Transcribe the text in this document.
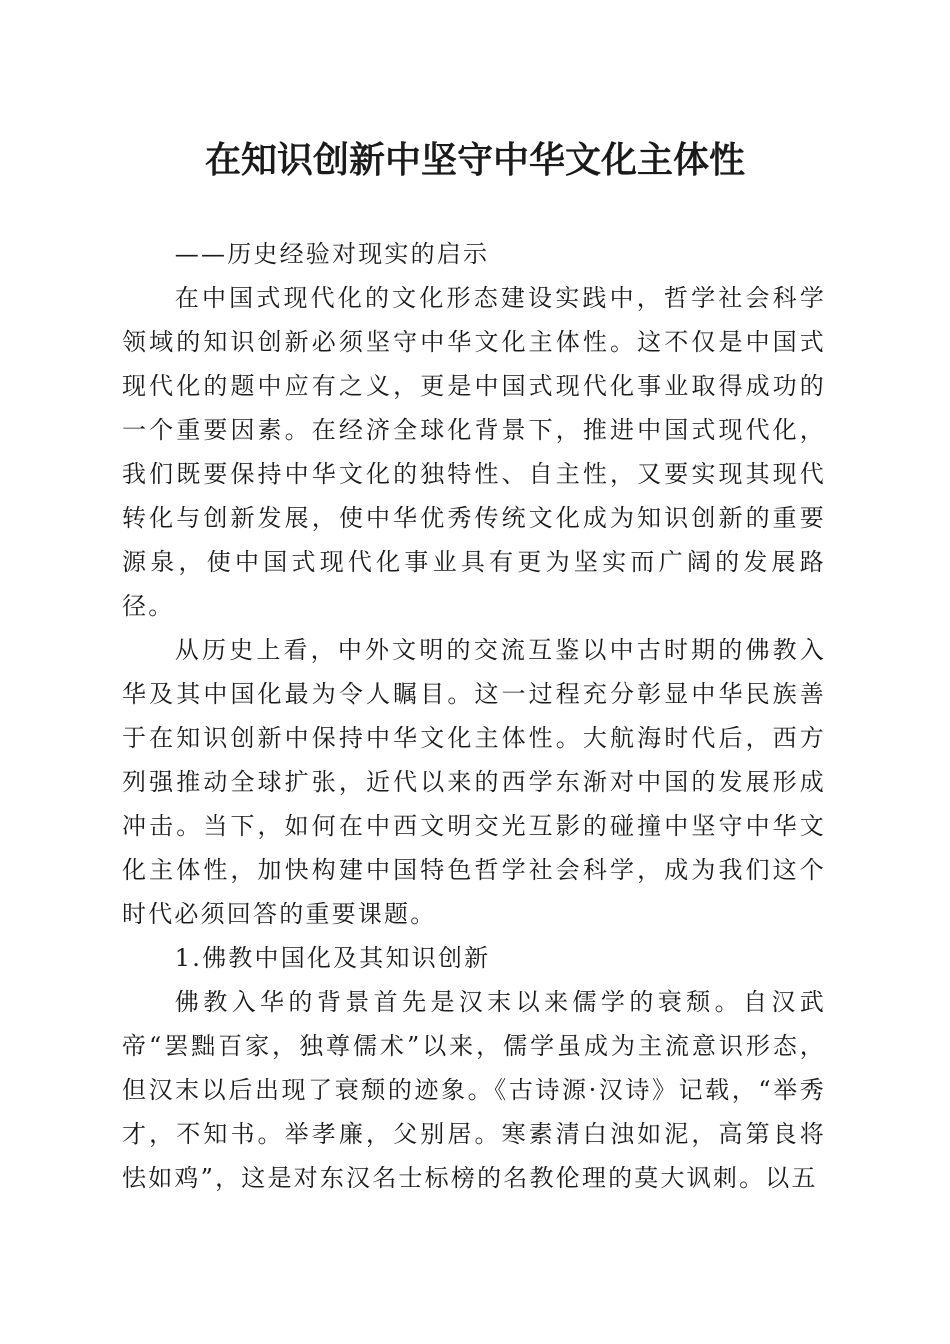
在知识创新中坚守中华文化主体性

——历史经验对现实的启示

在中国式现代化的文化形态建设实践中，哲学社会科学领域的知识创新必须坚守中华文化主体性。这不仅是中国式现代化的题中应有之义，更是中国式现代化事业取得成功的一个重要因素。在经济全球化背景下，推进中国式现代化，我们既要保持中华文化的独特性、自主性，又要实现其现代转化与创新发展，使中华优秀传统文化成为知识创新的重要源泉，使中国式现代化事业具有更为坚实而广阔的发展路径。

从历史上看，中外文明的交流互鉴以中古时期的佛教入华及其中国化最为令人瞩目。这一过程充分彰显中华民族善于在知识创新中保持中华文化主体性。大航海时代后，西方列强推动全球扩张，近代以来的西学东渐对中国的发展形成冲击。当下，如何在中西文明交光互影的碰撞中坚守中华文化主体性，加快构建中国特色哲学社会科学，成为我们这个时代必须回答的重要课题。

1.佛教中国化及其知识创新

佛教入华的背景首先是汉末以来儒学的衰颓。自汉武帝“罢黜百家，独尊儒术”以来，儒学虽成为主流意识形态，但汉末以后出现了衰颓的迹象。《古诗源·汉诗》记载，“举秀才，不知书。举孝廉，父别居。寒素清白浊如泥，高第良将怯如鸡”，这是对东汉名士标榜的名教伦理的莫大讽刺。以五
